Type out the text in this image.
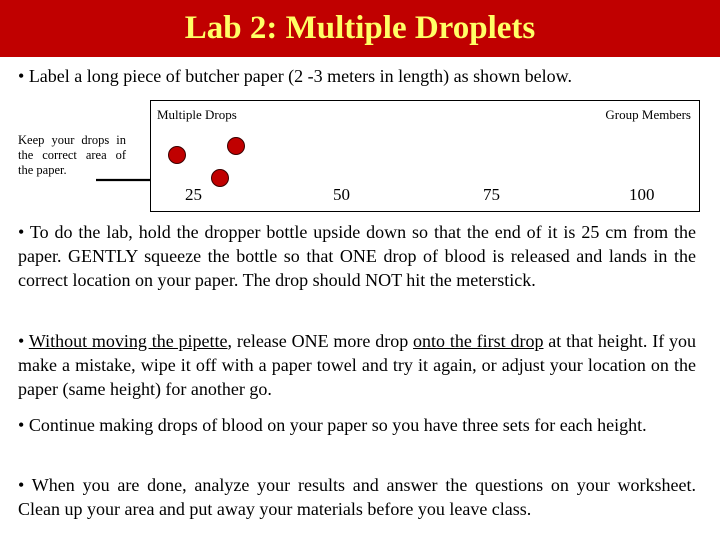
Lab 2: Multiple Droplets
• Label a long piece of butcher paper (2 -3 meters in length) as shown below.
Keep your drops in the correct area of the paper.
Multiple Drops	Group Members
25	50	75	100
• To do the lab, hold the dropper bottle upside down so that the end of it is 25 cm from the paper. GENTLY squeeze the bottle so that ONE drop of blood is released and lands in the correct location on your paper. The drop should NOT hit the meterstick.
• Without moving the pipette, release ONE more drop onto the first drop at that height. If you make a mistake, wipe it off with a paper towel and try it again, or adjust your location on the paper (same height) for another go.
• Continue making drops of blood on your paper so you have three sets for each height.
• When you are done, analyze your results and answer the questions on your worksheet. Clean up your area and put away your materials before you leave class.
